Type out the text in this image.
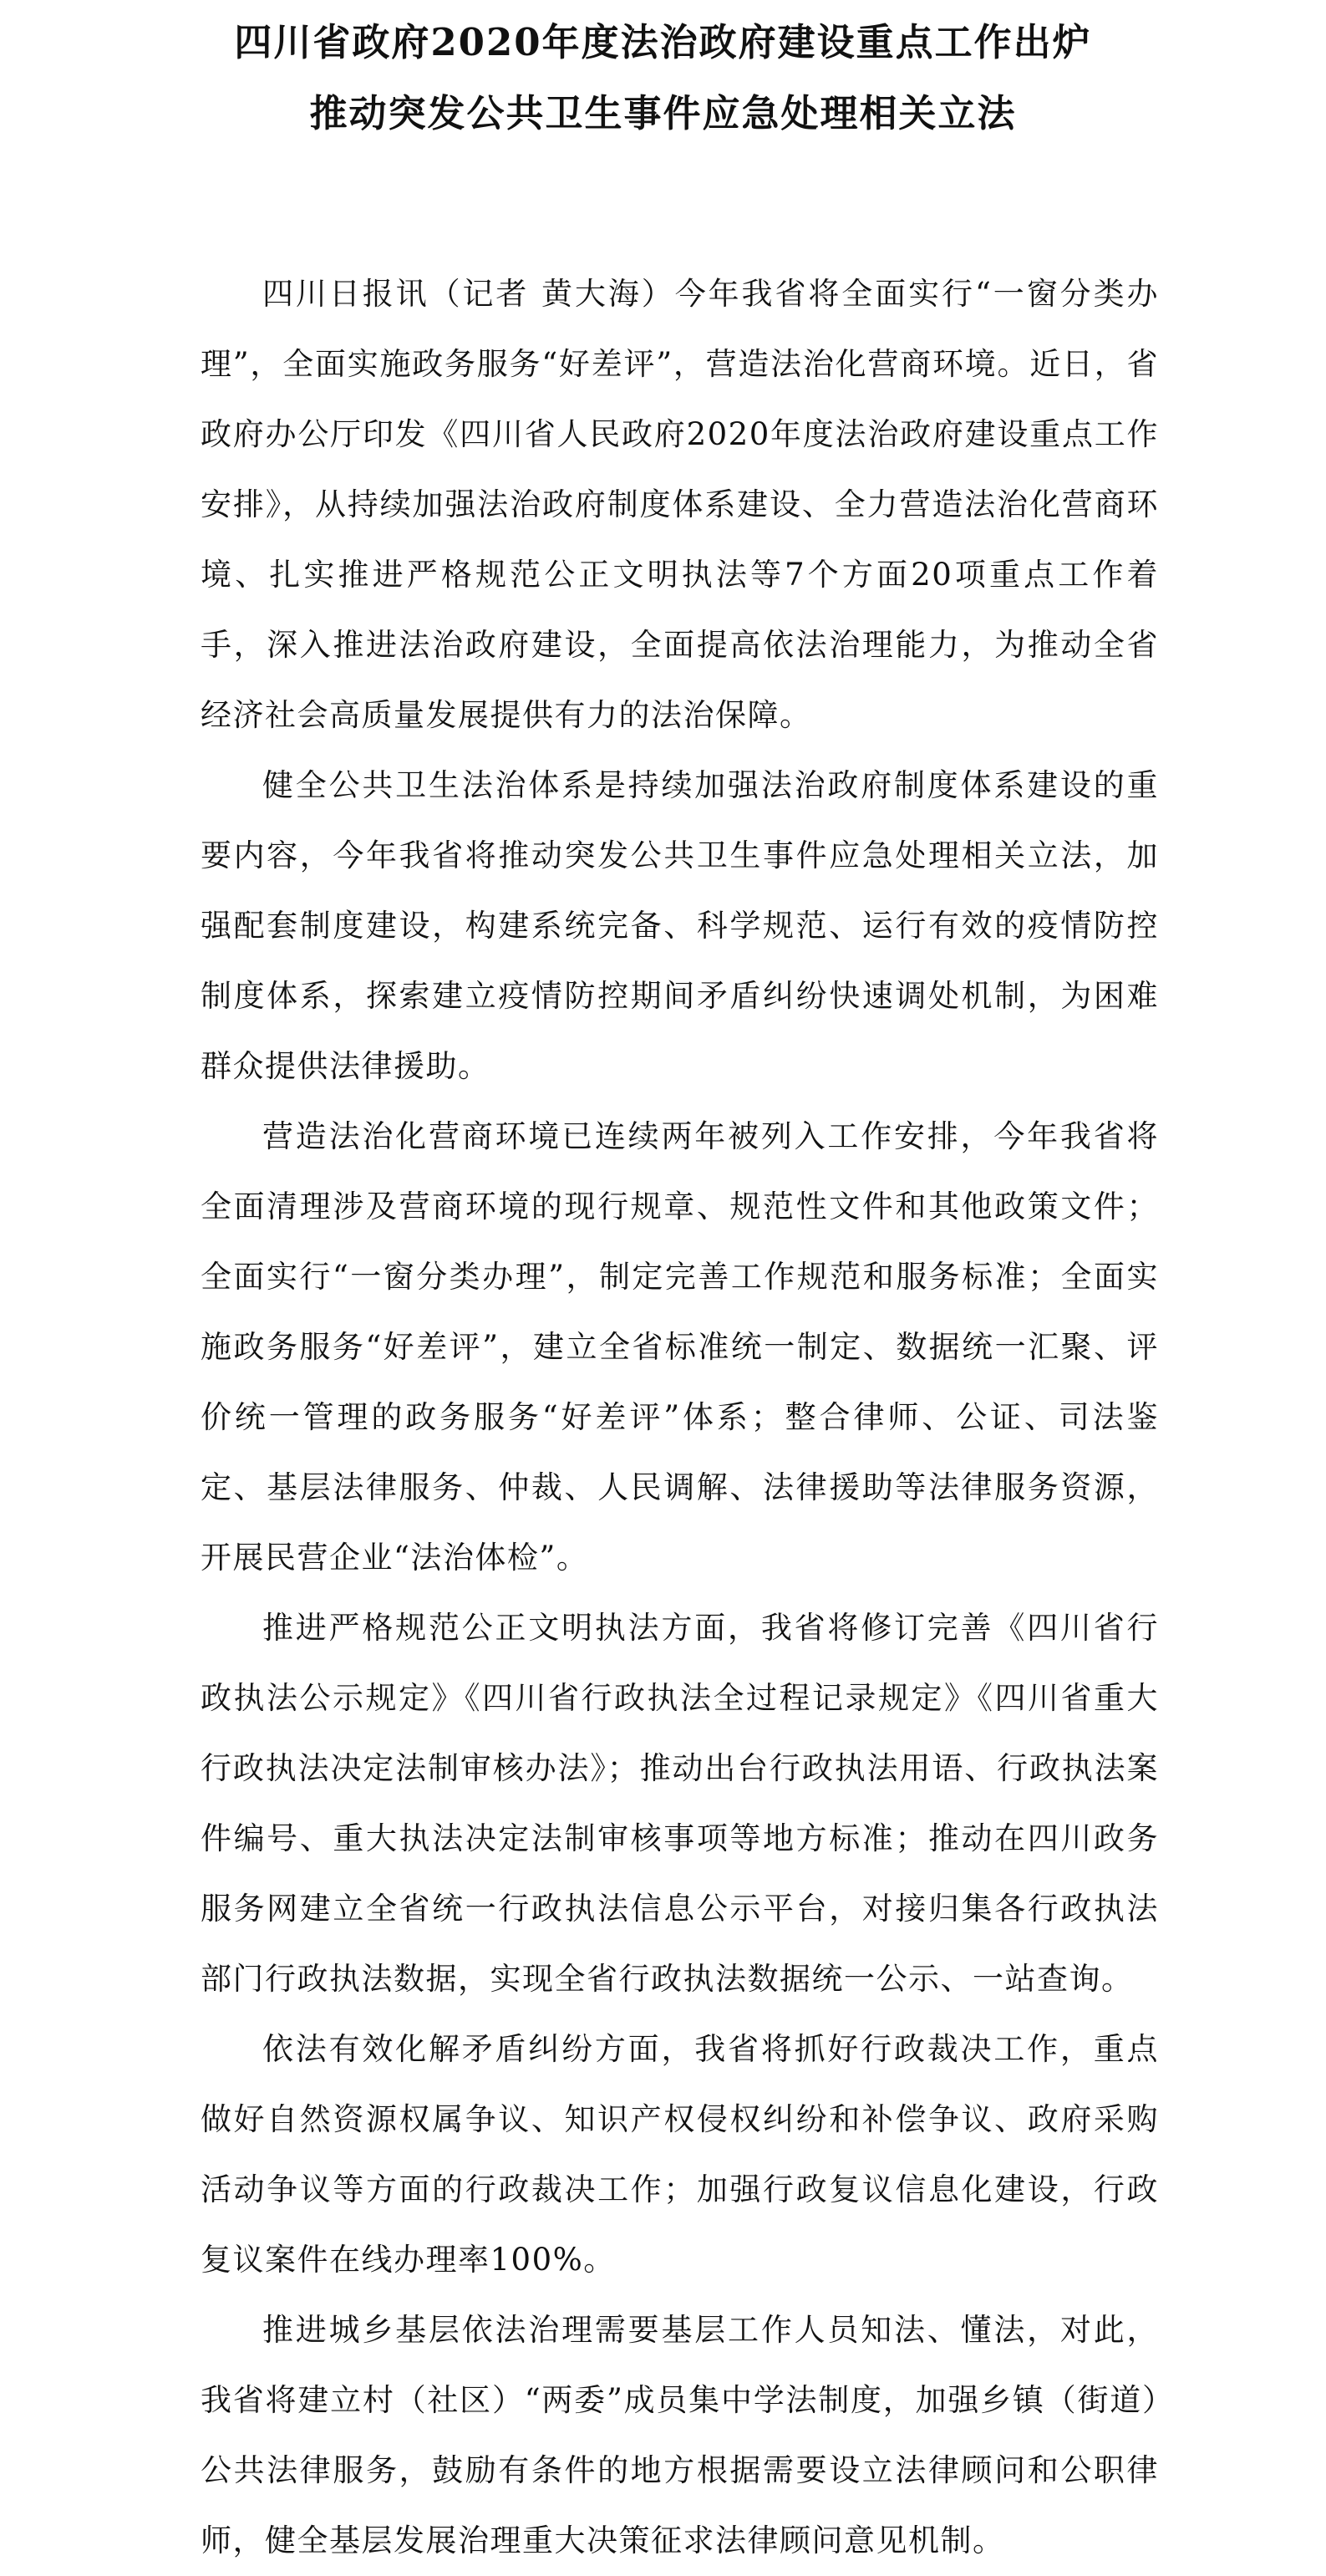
四川省政府2020年度法治政府建设重点工作出炉
推动突发公共卫生事件应急处理相关立法

四川日报讯（记者 黄大海）今年我省将全面实行“一窗分类办理”，全面实施政务服务“好差评”，营造法治化营商环境。近日，省政府办公厅印发《四川省人民政府2020年度法治政府建设重点工作安排》，从持续加强法治政府制度体系建设、全力营造法治化营商环境、扎实推进严格规范公正文明执法等7个方面20项重点工作着手，深入推进法治政府建设，全面提高依法治理能力，为推动全省经济社会高质量发展提供有力的法治保障。

健全公共卫生法治体系是持续加强法治政府制度体系建设的重要内容，今年我省将推动突发公共卫生事件应急处理相关立法，加强配套制度建设，构建系统完备、科学规范、运行有效的疫情防控制度体系，探索建立疫情防控期间矛盾纠纷快速调处机制，为困难群众提供法律援助。

营造法治化营商环境已连续两年被列入工作安排，今年我省将全面清理涉及营商环境的现行规章、规范性文件和其他政策文件；全面实行“一窗分类办理”，制定完善工作规范和服务标准；全面实施政务服务“好差评”，建立全省标准统一制定、数据统一汇聚、评价统一管理的政务服务“好差评”体系；整合律师、公证、司法鉴定、基层法律服务、仲裁、人民调解、法律援助等法律服务资源，开展民营企业“法治体检”。

推进严格规范公正文明执法方面，我省将修订完善《四川省行政执法公示规定》《四川省行政执法全过程记录规定》《四川省重大行政执法决定法制审核办法》；推动出台行政执法用语、行政执法案件编号、重大执法决定法制审核事项等地方标准；推动在四川政务服务网建立全省统一行政执法信息公示平台，对接归集各行政执法部门行政执法数据，实现全省行政执法数据统一公示、一站查询。

依法有效化解矛盾纠纷方面，我省将抓好行政裁决工作，重点做好自然资源权属争议、知识产权侵权纠纷和补偿争议、政府采购活动争议等方面的行政裁决工作；加强行政复议信息化建设，行政复议案件在线办理率100%。

推进城乡基层依法治理需要基层工作人员知法、懂法，对此，我省将建立村（社区）“两委”成员集中学法制度，加强乡镇（街道）公共法律服务，鼓励有条件的地方根据需要设立法律顾问和公职律师，健全基层发展治理重大决策征求法律顾问意见机制。
